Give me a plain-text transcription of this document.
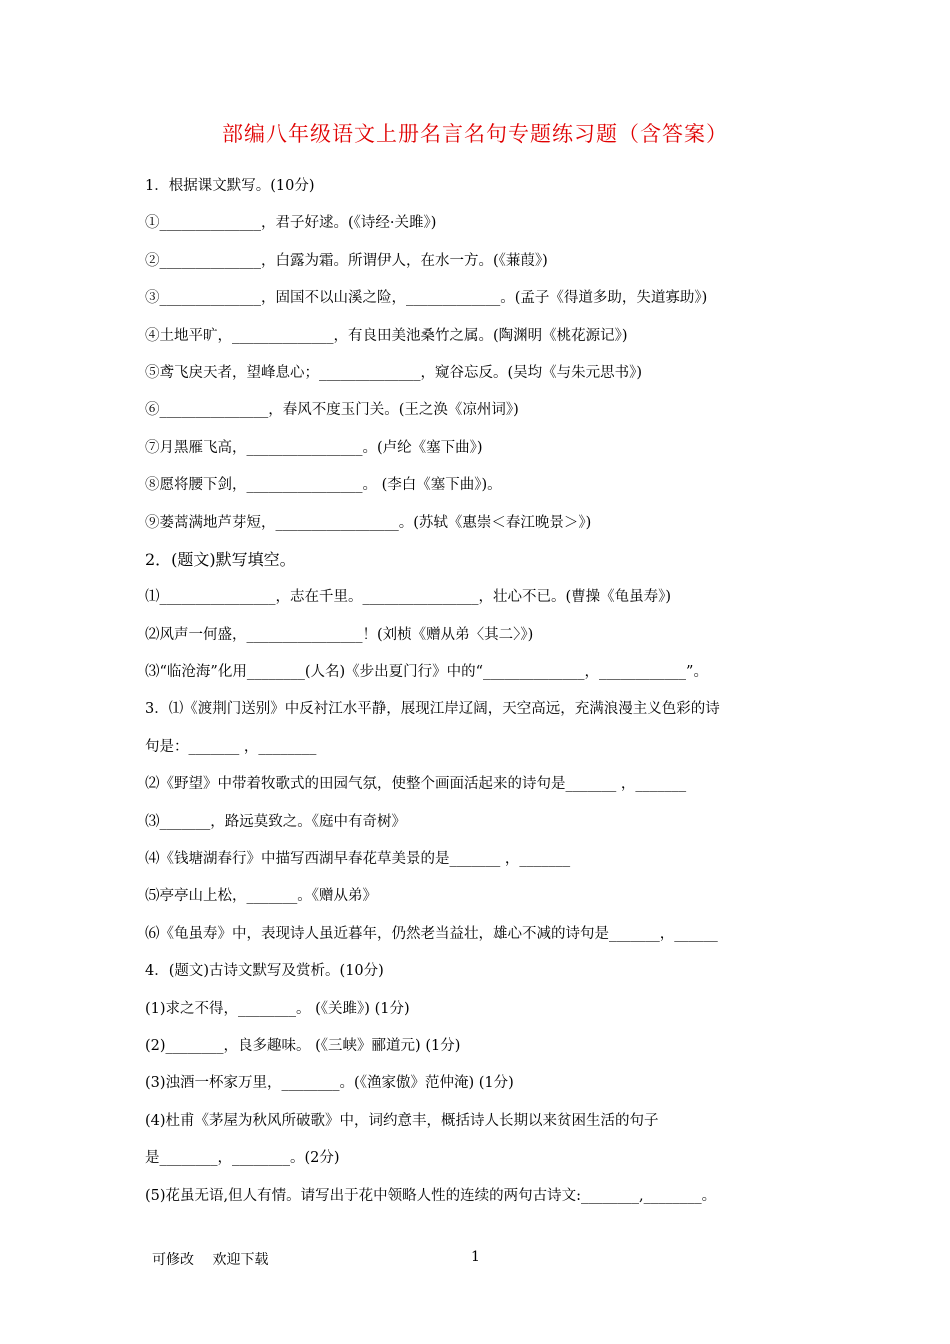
部编八年级语文上册名言名句专题练习题（含答案）
1．根据课文默写。(10分)
①______________，君子好逑。(《诗经·关雎》)
②______________，白露为霜。所谓伊人，在水一方。(《蒹葭》)
③______________，固国不以山溪之险，_____________。(孟子《得道多助，失道寡助》)
④土地平旷，______________，有良田美池桑竹之属。(陶渊明《桃花源记》)
⑤鸢飞戾天者，望峰息心；______________，窥谷忘反。(吴均《与朱元思书》)
⑥_______________，春风不度玉门关。(王之涣《凉州词》)
⑦月黑雁飞高，________________。(卢纶《塞下曲》)
⑧愿将腰下剑，________________。 (李白《塞下曲》)。
⑨蒌蒿满地芦芽短，_________________。(苏轼《惠崇＜春江晚景＞》)
2．(题文)默写填空。
⑴________________，志在千里。________________，壮心不已。(曹操《龟虽寿》)
⑵风声一何盛，________________！(刘桢《赠从弟〈其二〉》)
⑶“临沧海”化用________(人名)《步出夏门行》中的“______________，____________”。
3．⑴《渡荆门送别》中反衬江水平静，展现江岸辽阔，天空高远，充满浪漫主义色彩的诗
句是：_______ ，________
⑵《野望》中带着牧歌式的田园气氛，使整个画面活起来的诗句是_______ ，_______
⑶_______，路远莫致之。《庭中有奇树》
⑷《钱塘湖春行》中描写西湖早春花草美景的是_______ ，_______
⑸亭亭山上松，_______。《赠从弟》
⑹《龟虽寿》中，表现诗人虽近暮年，仍然老当益壮，雄心不减的诗句是_______，______
4．(题文)古诗文默写及赏析。(10分)
(1)求之不得，________。 (《关雎》) (1分)
(2)________，良多趣味。 (《三峡》郦道元) (1分)
(3)浊酒一杯家万里，________。(《渔家傲》范仲淹) (1分)
(4)杜甫《茅屋为秋风所破歌》中，词约意丰，概括诗人长期以来贫困生活的句子
是________，________。(2分)
(5)花虽无语,但人有情。请写出于花中领略人性的连续的两句古诗文:________,________。
可修改　 欢迎下载	1
